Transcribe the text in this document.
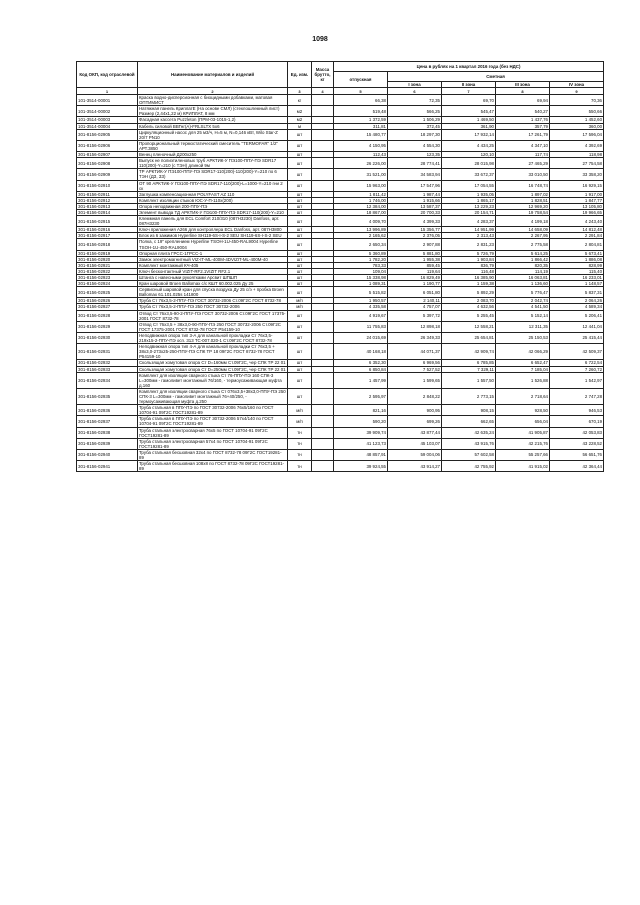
1098
Код ОКП, код отраслевой	Наименование материалов и изделий	Ед. изм.	Масса брутто, кг	Цена в рублях на 1 квартал 2016 года (без НДС)				
				отпускная	Сметная			
					I зона	II зона	III зона	IV зона
1	2	3	4	5	6	7	8	9
101-3514-00001	Краска водно-дисперсионная с биоцидными добавками, матовая ОПТИМИСТ	кг		66,38	72,35	69,70	69,94	70,36
101-3514-00002	Натяжная панель КриплатЕ (На основе СМЛ) (стеклошлемный лист) Размер (2,44х1,22 м) КРИПЛАТ, 8 мм	м2		519,48	566,25	545,47	540,27	550,66
101-3514-00003	Фасадная кассета Puzzleton (ПРМ-03-1015-1,2)	м2		1 372,59	1 506,29	1 469,50	1 437,76	1 452,60
101-3514-00004	Кабель силовой ВВГнг(А)-FRLSLTX 5х6	м		311,81	372,45	361,90	357,79	360,00
301-8156-02905	Циркуляционный насос для 25 м3/ч, H=5 м, N=0,146 кВт, Wilo Star-Z 20/7 PN10	шт		15 480,77	18 297,30	17 932,14	17 261,79	17 596,04
301-8156-02906	Пропорциональный термостатический смеситель "TERMOFAR" 1/2" АРТ.3850	шт		4 150,95	4 554,30	4 434,25	4 347,10	4 392,69
301-8156-02907	Венец пленочный Д200х250	шт		112,43	123,35	120,10	117,74	118,98
301-8156-02908	Выпуск не полиэтиленовых труб АРКТИК-У ПЭ100-ППУ-ПЭ SDR17 110(200)-Y=210 (с ТЭН) длиной 9м	шт		26 226,00	28 774,41	28 015,98	27 465,29	27 754,58
301-8156-02909	ТР АРКТИК-У ПЭ100-ППУ-ПЭ SDR17-110(200)-110(200)-Y=210 по 6 ТЭН (ДЗ, ЗЗ)	шт		31 521,00	34 583,94	33 672,37	33 010,50	33 358,20
301-8156-02910	ОТ 90 АРКТИК-У ПЭ100-ППУ-ПЭ SDR17-110(200)-L=1000-Y=210 гни 2 ск	шт		15 963,00	17 547,96	17 054,55	16 748,74	16 929,15
301-8156-02911	Заглушка компенсационная POLYFAST AZ 110	шт		1 811,42	1 987,44	1 935,05	1 897,02	1 917,00
301-8156-02912	Комплект изоляции стыков ЮС-У-П-110х(200)	шт		1 746,00	1 915,66	1 865,17	1 828,51	1 847,77
301-8156-02913	Опора неподвижная 200-ППУ-ПЭ	шт		12 384,00	13 587,37	13 229,23	12 969,20	13 105,80
301-8156-02914	Элемент вывода ТД АРКТИК-У ПЭ100-ППУ-ПЭ SDR17-110(200)-Y=210	шт		18 867,00	20 700,33	20 154,71	19 758,54	19 966,65
301-8156-02915	Клеммная панель для ECL Comfort 210/310 (087H3230) Danfoss, арт. 087H3230	шт		4 009,70	4 399,33	4 283,37	4 199,18	4 243,40
301-8156-02916	Ключ приложения А266 для контроллера ECL Danfoss, арт. 087H3800	шт		13 996,89	15 356,77	14 951,99	14 658,09	14 812,48
301-8156-02917	Блок из 6 зажимов Hyperline SH119-6S-I-S-2 SEU SH119-6S-I-S-2 SEU	шт		2 165,62	2 376,05	2 313,43	2 267,95	2 291,84
301-8156-02918	Полка, с 19" креплением Hyperline TSOH-1U-450-RAL9004 Hyperline TSOH-1U-450-RAL9004	шт		2 650,34	2 907,88	2 831,23	2 775,58	2 804,81
301-8156-02919	Опорная плита ГРСС-1ГРСС-1	шт		5 360,89	5 881,80	5 726,79	5 614,25	5 673,41
301-8156-02920	Замок электромагнитный VIZ-IT-ML-400M-4DVIZIT-ML-400M-40	шт		1 782,20	1 955,38	1 903,84	1 866,42	1 886,08
301-8156-02921	Комплект монтажный КЧ-405	шт		783,33	859,45	836,79	820,35	828,99
301-8156-02922	Ключ бесконтактный VIZIT-RF2.1VIZIT RF2.1	шт		109,04	119,64	116,48	114,19	115,40
301-8156-02923	Штанга с навесными рукоятками Арсвит ШПШП	шт		15 338,98	16 829,49	16 385,90	16 063,81	16 233,01
301-8156-02924	Кран шаровой Broen Ballomax с/с КШТ 60.002.025 Ду 25	шт		1 089,31	1 190,77	1 159,38	1 136,60	1 148,57
301-8156-02925	Сервисный шаровой кран для спуска воздуха Ду 25 с/э + пробка Broen Ballomax 61.101.025s 141800	шт		5 515,82	6 051,80	5 892,29	5 776,47	5 837,31
301-8156-02926	Труба Ст 76х3,5-2-ППУ-ПЭ ГОСТ 30732-2006 Ст.09Г2С ГОСТ 8732-78	м/п		1 950,57	2 140,11	2 083,70	2 042,74	2 064,26
301-8156-02927	Труба Ст 76х3,5-2-ППУ-ПЭ 250 ГОСТ 30732-2006	м/п		4 335,58	4 757,07	4 632,56	4 541,50	4 589,34
301-8156-02928	Отвод Ст 76х3,5-90-2-ППУ-ПЭ ГОСТ 30732-2006 Ст.09Г2С ГОСТ 17375-2001 ГОСТ 8732-78	шт		4 919,67	5 397,72	5 255,45	5 152,14	5 206,41
301-8156-02929	Отвод Ст 76х3,5 + 38х3,0-90-ППУ-ПЭ 250 ГОСТ 30732-2006 Ст.09Г2С ГОСТ 17375-2001 ГОСТ 8732-78 ГОСТ Р54159-10	шт		11 755,83	12 898,18	12 558,21	12 311,35	12 441,04
301-8156-02930	Неподвижная опора тип 3-А для канальной прокладки Ст 76х3,5-219х15-2-ППУ-ПЭ осп. 313 ТС-007.020-1 Ст.09Г2С ГОСТ 8732-78	шт		24 015,69	26 349,33	25 654,81	25 150,53	25 415,44
301-8156-02931	Неподвижная опора тип 4-А для канальной прокладки Ст 76х3,5 + 38х3,0-273х25-250-ППУ-ПЭ СПК ТР 18 09Г2С ГОСТ 8732-78 ГОСТ Р54159-10	шт		40 168,18	44 071,37	42 909,74	42 066,29	42 509,37
301-8156-02932	Скользящая хомутовая опора Ст D=160мм Ст.09Г2С, чер СПК ТР 22 01	шт		6 352,30	6 969,56	6 785,85	6 652,47	6 722,54
301-8156-02933	Скользящая хомутовая опора Ст D=250мм Ст.09Г2С, чер СПК ТР 22 01	шт		6 850,84	7 527,52	7 329,11	7 185,04	7 260,72
301-8156-02934	Комплект для изоляции сварного стыка Ст 76-ППУ-ПЭ 160 СПК-3 L=300мм - гамоливет монтажный 76/160, - термоусаживающая муфта д.160	шт		1 457,99	1 599,65	1 557,50	1 526,88	1 542,97
301-8156-02935	Комплект для изоляции сварного стыка Ст 076х3,5+38х3,0-ППУ-ПЭ 250 СПК-3 L=300мм - гамоливет монтажный 76+40/250, - термоусаживающая муфта д.250	шт		2 595,97	2 848,22	2 773,15	2 718,64	2 747,28
301-8156-02936	Труба стальная в ППУ-ПЭ по ГОСТ 30732-2006 76х5/160 по ГОСТ 10704-91 09Г2С ГОСТ19281-89	м/п		821,16	900,95	908,15	928,50	946,53
301-8156-02937	Труба стальная в ППУ-ПЭ по ГОСТ 30732-2006 57х4/140 по ГОСТ 10704-91 09Г2С ГОСТ19281-89	м/п		590,20	699,26	662,65	656,04	670,19
301-8156-02938	Труба стальная электросварная 76х5 по ГОСТ 10704-91 09Г2С ГОСТ19281-89	тн		39 909,74	43 877,44	42 635,24	41 905,87	42 053,83
301-8156-02939	Труба стальная электросварная 57х4 по ГОСТ 10704-91 09Г2С ГОСТ19281-89	тн		41 123,73	45 103,07	43 915,76	42 215,76	43 228,52
301-8156-02940	Труба стальная бесшовная 32х4 по ГОСТ 8732-78 09Г2С ГОСТ19281-89	тн		48 857,91	59 004,06	57 602,58	55 257,66	56 651,76
301-8156-02941	Труба стальная бесшовная 108х8 по ГОСТ 8732-78 09Г2С ГОСТ19281-89	тн		39 924,55	43 914,27	42 755,92	41 915,02	42 364,44
